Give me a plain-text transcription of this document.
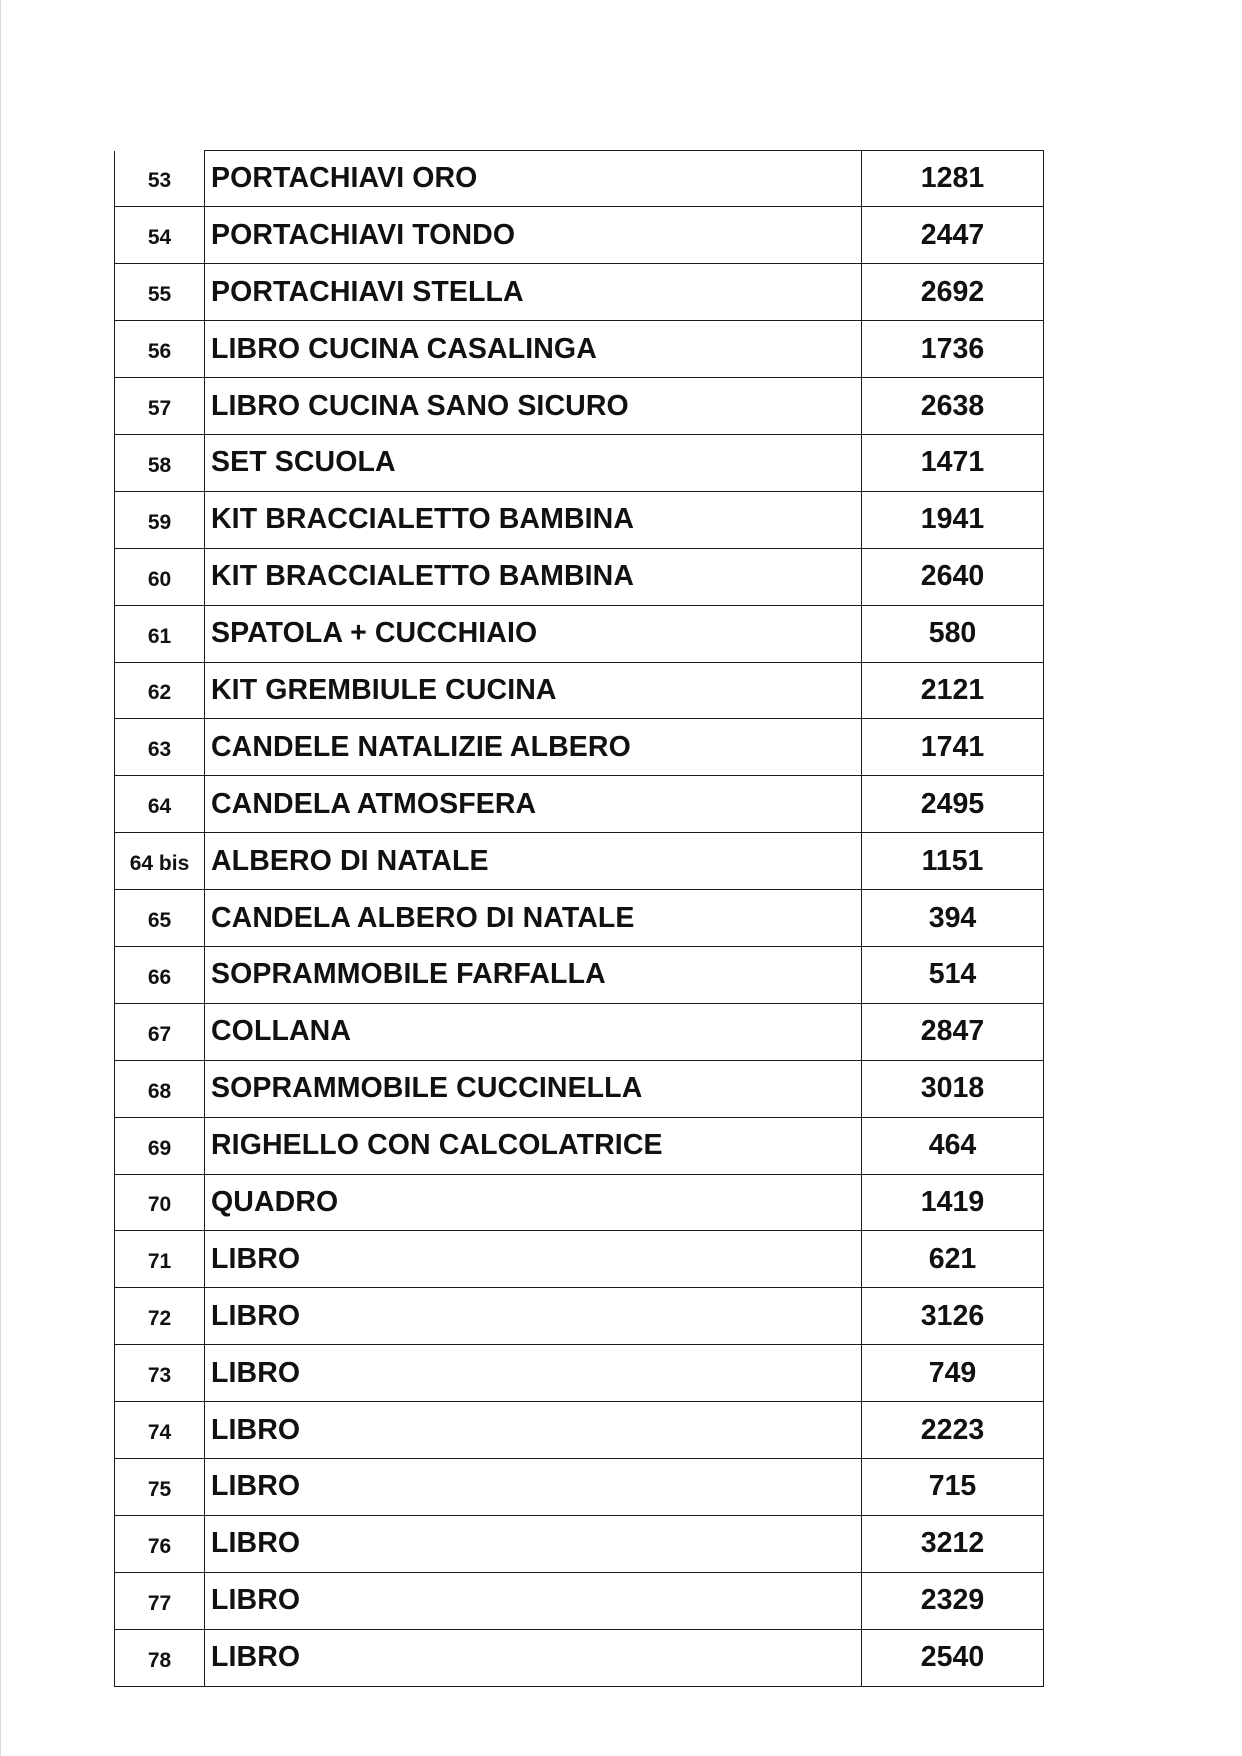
53	PORTACHIAVI ORO	1281
54	PORTACHIAVI TONDO	2447
55	PORTACHIAVI STELLA	2692
56	LIBRO CUCINA CASALINGA	1736
57	LIBRO CUCINA SANO SICURO	2638
58	SET SCUOLA	1471
59	KIT BRACCIALETTO BAMBINA	1941
60	KIT BRACCIALETTO BAMBINA	2640
61	SPATOLA + CUCCHIAIO	580
62	KIT GREMBIULE CUCINA	2121
63	CANDELE NATALIZIE ALBERO	1741
64	CANDELA ATMOSFERA	2495
64 bis	ALBERO DI NATALE	1151
65	CANDELA ALBERO DI NATALE	394
66	SOPRAMMOBILE FARFALLA	514
67	COLLANA	2847
68	SOPRAMMOBILE CUCCINELLA	3018
69	RIGHELLO CON CALCOLATRICE	464
70	QUADRO	1419
71	LIBRO	621
72	LIBRO	3126
73	LIBRO	749
74	LIBRO	2223
75	LIBRO	715
76	LIBRO	3212
77	LIBRO	2329
78	LIBRO	2540
